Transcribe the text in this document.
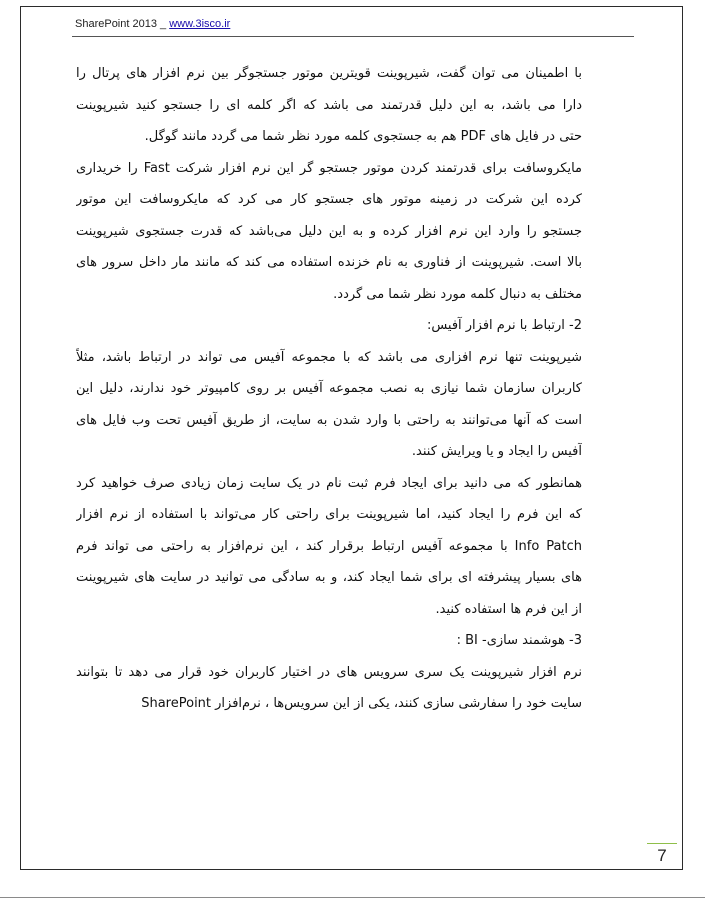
SharePoint 2013 _ www.3isco.ir
با اطمینان می توان گفت، شیرپوینت قویترین موتور جستجوگر بین نرم افزار های پرتال را
دارا می باشد، به این دلیل قدرتمند می باشد که اگر کلمه ای را جستجو کنید شیرپوینت
حتی در فایل های PDF هم به جستجوی کلمه مورد نظر شما می گردد مانند گوگل.
مایکروسافت برای قدرتمند کردن موتور جستجو گر این نرم افزار شرکت Fast را خریداری
کرده این شرکت در زمینه موتور های جستجو کار می کرد که مایکروسافت این موتور
جستجو را وارد این نرم افزار کرده و به این دلیل می‌باشد که قدرت جستجوی شیرپوینت
بالا است. شیرپوینت از فناوری به نام خزنده استفاده می کند که مانند مار داخل سرور های
مختلف به دنبال کلمه مورد نظر شما می گردد.
2- ارتباط با نرم افزار آفیس:
شیرپوینت تنها نرم افزاری می باشد که با مجموعه آفیس می تواند در ارتباط باشد، مثلاً
کاربران سازمان شما نیازی به نصب مجموعه آفیس بر روی کامپیوتر خود ندارند، دلیل این
است که آنها می‌توانند به راحتی با وارد شدن به سایت، از طریق آفیس تحت وب فایل های
آفیس را ایجاد و یا ویرایش کنند.
همانطور که می دانید برای ایجاد فرم ثبت نام در یک سایت زمان زیادی صرف خواهید کرد
که این فرم را ایجاد کنید، اما شیرپوینت برای راحتی کار می‌تواند با استفاده از نرم افزار
Info Patch با مجموعه آفیس ارتباط برقرار کند ، این نرم‌افزار به راحتی می تواند فرم
های بسیار پیشرفته ای برای شما ایجاد کند، و به سادگی می توانید در سایت های شیرپوینت
از این فرم ها استفاده کنید.
3- هوشمند سازی- BI :
نرم افزار شیرپوینت یک سری سرویس های در اختیار کاربران خود قرار می دهد تا بتوانند
سایت خود را سفارشی سازی کنند، یکی از این سرویس‌ها ، نرم‌افزار SharePoint
7
